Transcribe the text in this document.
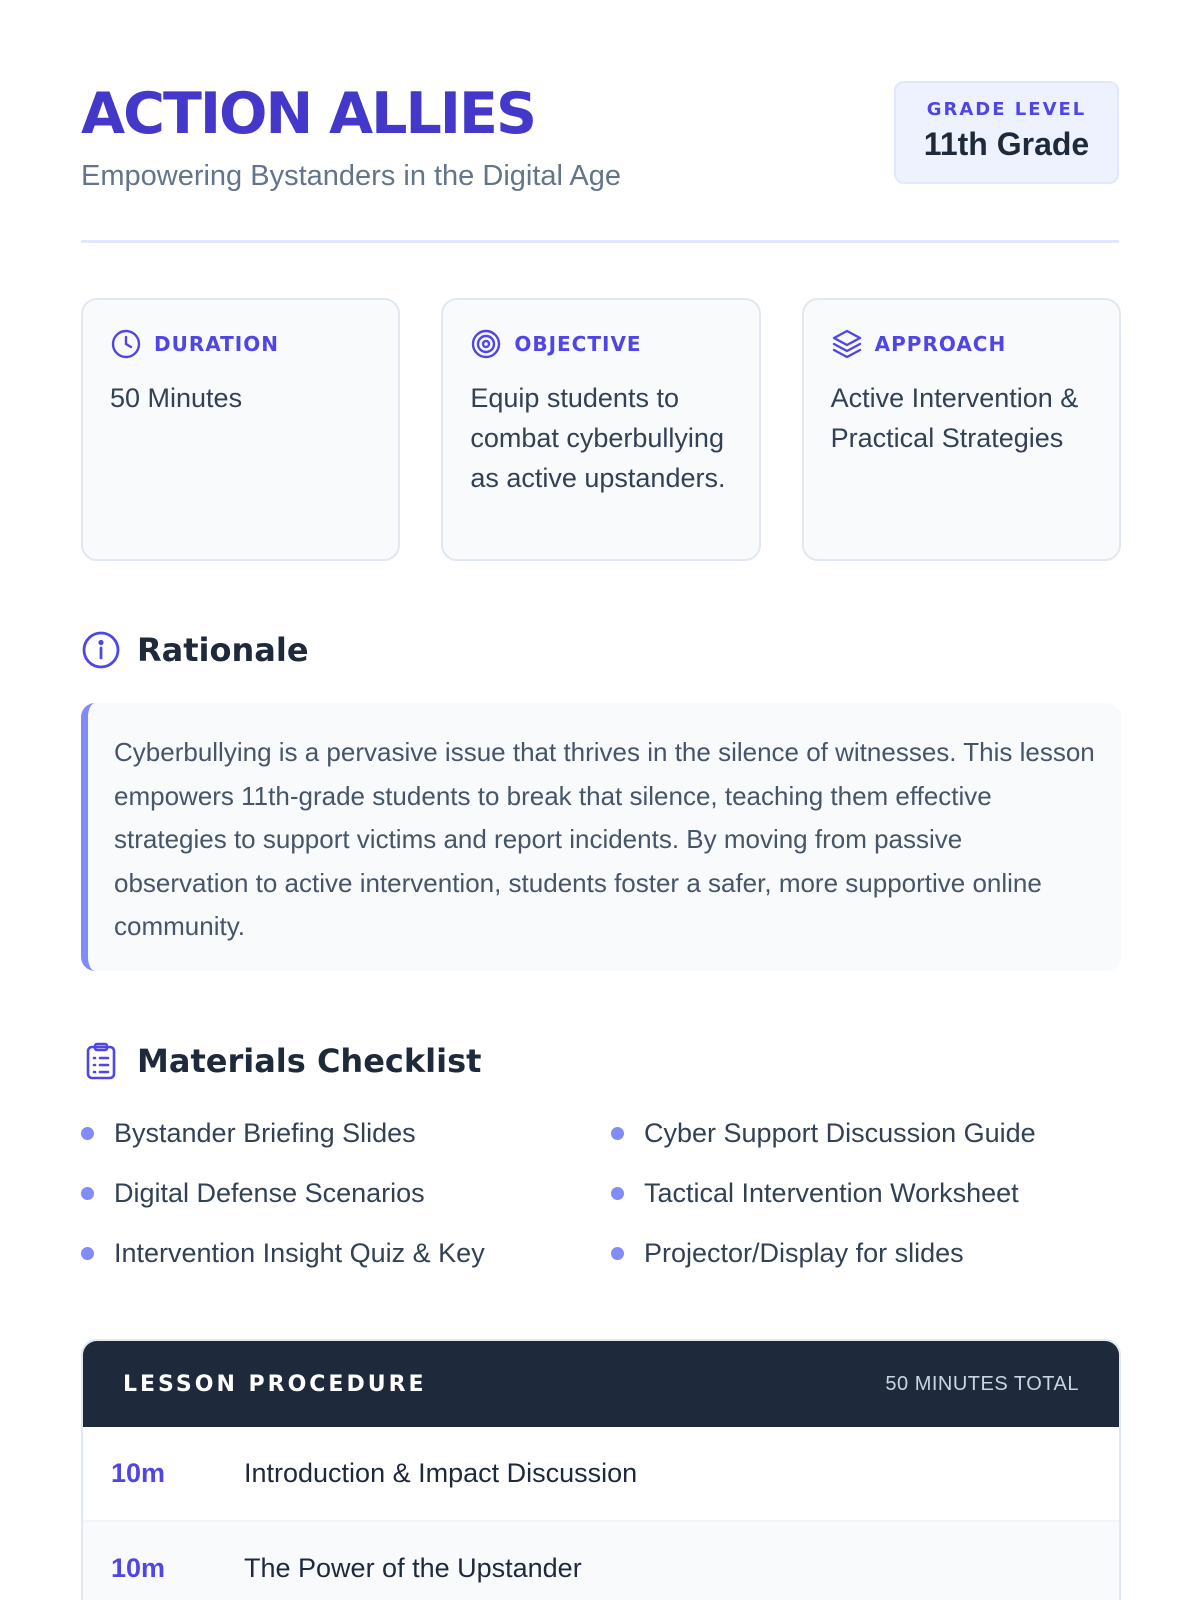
ACTION ALLIES
Empowering Bystanders in the Digital Age
GRADE LEVEL
11th Grade
DURATION
50 Minutes
OBJECTIVE
Equip students to combat cyberbullying as active upstanders.
APPROACH
Active Intervention & Practical Strategies
Rationale

Cyberbullying is a pervasive issue that thrives in the silence of witnesses. This lesson empowers 11th-grade students to break that silence, teaching them effective strategies to support victims and report incidents. By moving from passive observation to active intervention, students foster a safer, more supportive online community.

Materials Checklist
Bystander Briefing Slides	Cyber Support Discussion Guide
Digital Defense Scenarios	Tactical Intervention Worksheet
Intervention Insight Quiz & Key	Projector/Display for slides
LESSON PROCEDURE	50 MINUTES TOTAL
10m	Introduction & Impact Discussion
10m	The Power of the Upstander
